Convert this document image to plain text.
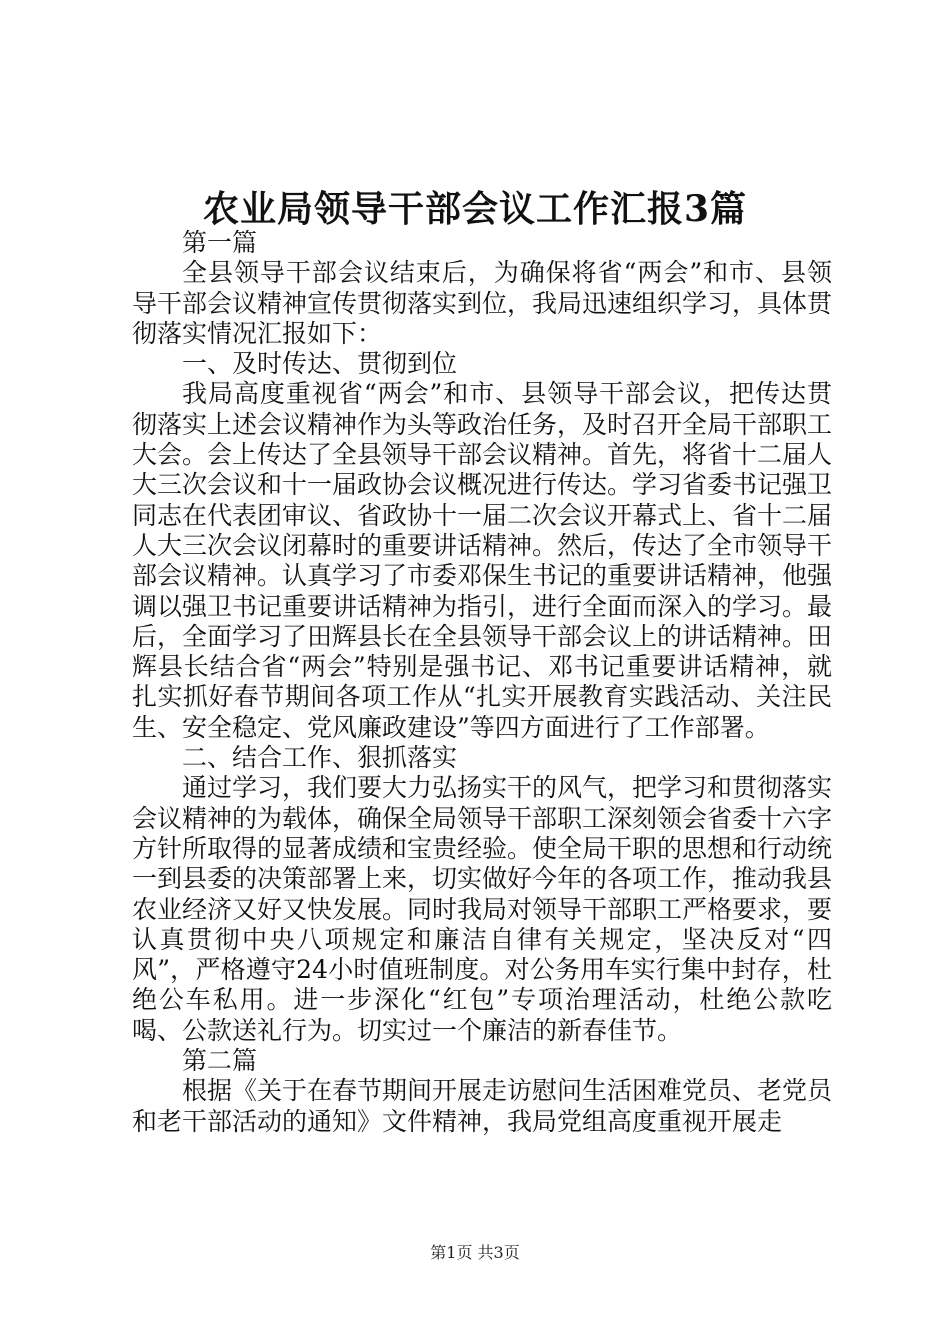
农业局领导干部会议工作汇报3篇

第一篇

全县领导干部会议结束后，为确保将省“两会”和市、县领导干部会议精神宣传贯彻落实到位，我局迅速组织学习，具体贯彻落实情况汇报如下：

一、及时传达、贯彻到位

我局高度重视省“两会”和市、县领导干部会议，把传达贯彻落实上述会议精神作为头等政治任务，及时召开全局干部职工大会。会上传达了全县领导干部会议精神。首先，将省十二届人大三次会议和十一届政协会议概况进行传达。学习省委书记强卫同志在代表团审议、省政协十一届二次会议开幕式上、省十二届人大三次会议闭幕时的重要讲话精神。然后，传达了全市领导干部会议精神。认真学习了市委邓保生书记的重要讲话精神，他强调以强卫书记重要讲话精神为指引，进行全面而深入的学习。最后，全面学习了田辉县长在全县领导干部会议上的讲话精神。田辉县长结合省“两会”特别是强书记、邓书记重要讲话精神，就扎实抓好春节期间各项工作从“扎实开展教育实践活动、关注民生、安全稳定、党风廉政建设”等四方面进行了工作部署。

二、结合工作、狠抓落实

通过学习，我们要大力弘扬实干的风气，把学习和贯彻落实会议精神的为载体，确保全局领导干部职工深刻领会省委十六字方针所取得的显著成绩和宝贵经验。使全局干职的思想和行动统一到县委的决策部署上来，切实做好今年的各项工作，推动我县农业经济又好又快发展。同时我局对领导干部职工严格要求，要认真贯彻中央八项规定和廉洁自律有关规定，坚决反对“四风”，严格遵守24小时值班制度。对公务用车实行集中封存，杜绝公车私用。进一步深化“红包”专项治理活动，杜绝公款吃喝、公款送礼行为。切实过一个廉洁的新春佳节。

第二篇

根据《关于在春节期间开展走访慰问生活困难党员、老党员和老干部活动的通知》文件精神，我局党组高度重视开展走

第1页 共3页
